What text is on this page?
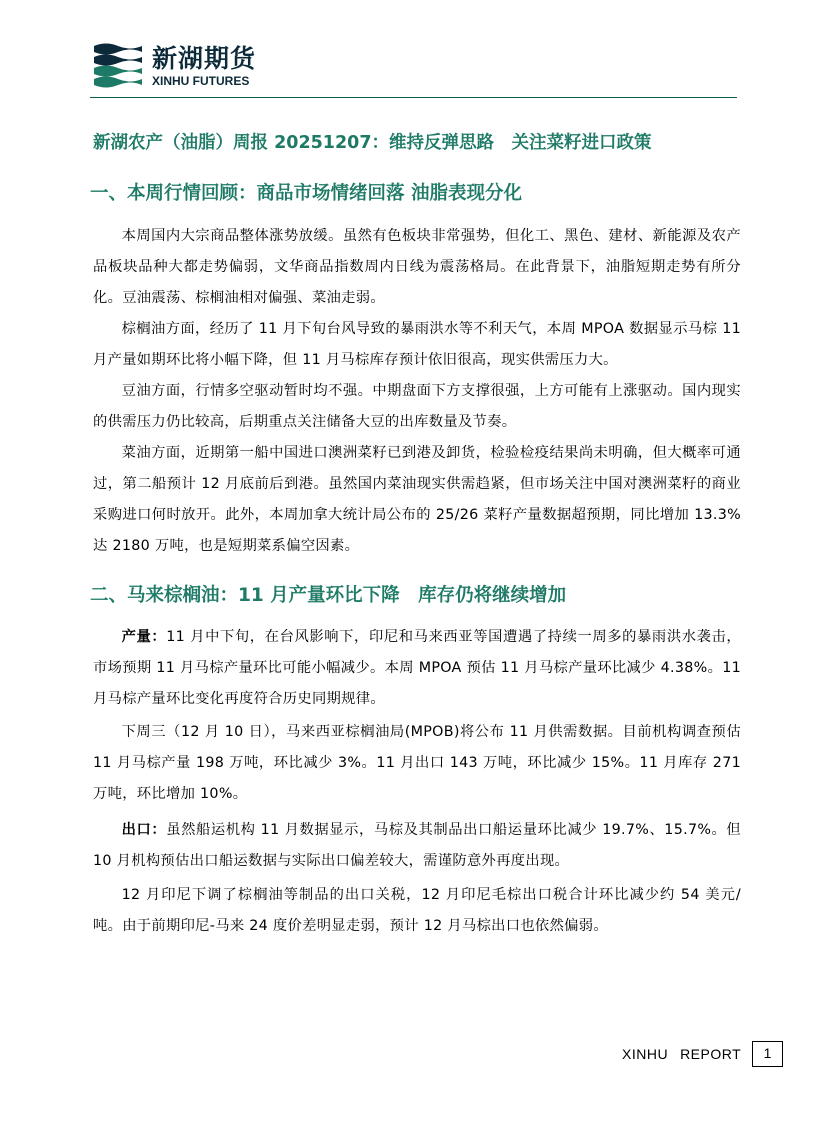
新湖期货
XINHU FUTURES
新湖农产（油脂）周报 20251207：维持反弹思路　关注菜籽进口政策
一、本周行情回顾：商品市场情绪回落 油脂表现分化
本周国内大宗商品整体涨势放缓。虽然有色板块非常强势，但化工、黑色、建材、新能源及农产品板块品种大都走势偏弱，文华商品指数周内日线为震荡格局。在此背景下，油脂短期走势有所分化。豆油震荡、棕榈油相对偏强、菜油走弱。
棕榈油方面，经历了 11 月下旬台风导致的暴雨洪水等不利天气，本周 MPOA 数据显示马棕 11 月产量如期环比将小幅下降，但 11 月马棕库存预计依旧很高，现实供需压力大。
豆油方面，行情多空驱动暂时均不强。中期盘面下方支撑很强，上方可能有上涨驱动。国内现实的供需压力仍比较高，后期重点关注储备大豆的出库数量及节奏。
菜油方面，近期第一船中国进口澳洲菜籽已到港及卸货，检验检疫结果尚未明确，但大概率可通过，第二船预计 12 月底前后到港。虽然国内菜油现实供需趋紧，但市场关注中国对澳洲菜籽的商业采购进口何时放开。此外，本周加拿大统计局公布的 25/26 菜籽产量数据超预期，同比增加 13.3%达 2180 万吨，也是短期菜系偏空因素。
二、马来棕榈油：11 月产量环比下降　库存仍将继续增加
产量：11 月中下旬，在台风影响下，印尼和马来西亚等国遭遇了持续一周多的暴雨洪水袭击，市场预期 11 月马棕产量环比可能小幅减少。本周 MPOA 预估 11 月马棕产量环比减少 4.38%。11 月马棕产量环比变化再度符合历史同期规律。
下周三（12 月 10 日），马来西亚棕榈油局(MPOB)将公布 11 月供需数据。目前机构调查预估 11 月马棕产量 198 万吨，环比减少 3%。11 月出口 143 万吨，环比减少 15%。11 月库存 271 万吨，环比增加 10%。
出口：虽然船运机构 11 月数据显示，马棕及其制品出口船运量环比减少 19.7%、15.7%。但 10 月机构预估出口船运数据与实际出口偏差较大，需谨防意外再度出现。
12 月印尼下调了棕榈油等制品的出口关税，12 月印尼毛棕出口税合计环比减少约 54 美元/吨。由于前期印尼-马来 24 度价差明显走弱，预计 12 月马棕出口也依然偏弱。
XINHU REPORT	1
